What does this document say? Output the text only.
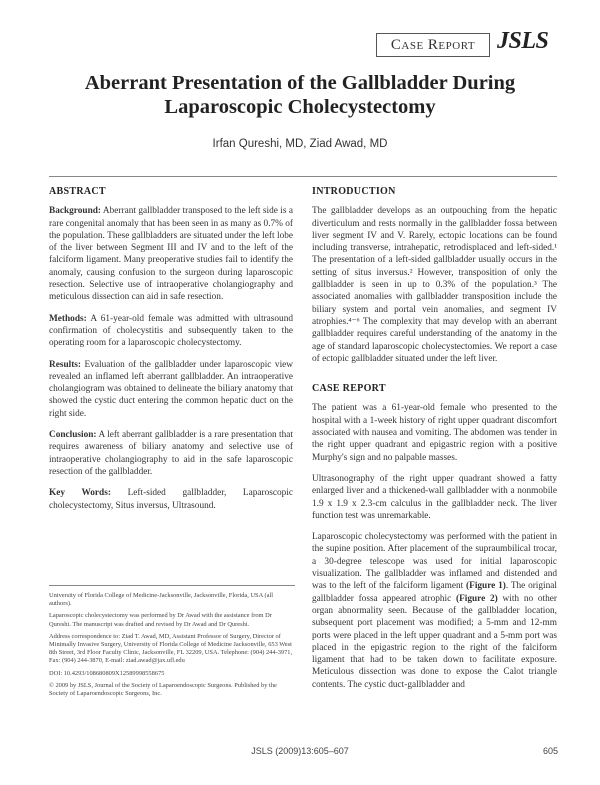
Case Report JSLS
Aberrant Presentation of the Gallbladder During Laparoscopic Cholecystectomy
Irfan Qureshi, MD, Ziad Awad, MD
ABSTRACT

Background: Aberrant gallbladder transposed to the left side is a rare congenital anomaly that has been seen in as many as 0.7% of the population. These gallbladders are situated under the left lobe of the liver between Segment III and IV and to the left of the falciform ligament. Many preoperative studies fail to identify the anomaly, causing confusion to the surgeon during laparoscopic resection. Selective use of intraoperative cholangiography and meticulous dissection can aid in safe resection.

Methods: A 61-year-old female was admitted with ultrasound confirmation of cholecystitis and subsequently taken to the operating room for a laparoscopic cholecystectomy.

Results: Evaluation of the gallbladder under laparoscopic view revealed an inflamed left aberrant gallbladder. An intraoperative cholangiogram was obtained to delineate the biliary anatomy that showed the cystic duct entering the common hepatic duct on the right side.

Conclusion: A left aberrant gallbladder is a rare presentation that requires awareness of biliary anatomy and selective use of intraoperative cholangiography to aid in the safe laparoscopic resection of the gallbladder.

Key Words: Left-sided gallbladder, Laparoscopic cholecystectomy, Situs inversus, Ultrasound.

University of Florida College of Medicine-Jacksonville, Jacksonville, Florida, USA (all authors).

Laparoscopic cholecystectomy was performed by Dr Awad with the assistance from Dr Qureshi. The manuscript was drafted and revised by Dr Awad and Dr Qureshi.

Address correspondence to: Ziad T. Awad, MD, Assistant Professor of Surgery, Director of Minimally Invasive Surgery, University of Florida College of Medicine Jacksonville, 653 West 8th Street, 3rd Floor Faculty Clinic, Jacksonville, FL 32209, USA. Telephone: (904) 244-3971, Fax: (904) 244-3870, E-mail: ziad.awad@jax.ufl.edu

DOI: 10.4293/108680809X12589998558675

© 2009 by JSLS, Journal of the Society of Laparoendoscopic Surgeons. Published by the Society of Laparoendoscopic Surgeons, Inc.

INTRODUCTION

The gallbladder develops as an outpouching from the hepatic diverticulum and rests normally in the gallbladder fossa between liver segment IV and V. Rarely, ectopic locations can be found including transverse, intrahepatic, retrodisplaced and left-sided.¹ The presentation of a left-sided gallbladder usually occurs in the setting of situs inversus.² However, transposition of only the gallbladder is seen in up to 0.3% of the population.³ The associated anomalies with gallbladder transposition include the biliary system and portal vein anomalies, and segment IV atrophies.⁴⁻⁶ The complexity that may develop with an aberrant gallbladder requires careful understanding of the anatomy in the age of standard laparoscopic cholecystectomies. We report a case of ectopic gallbladder situated under the left liver.

CASE REPORT

The patient was a 61-year-old female who presented to the hospital with a 1-week history of right upper quadrant discomfort associated with nausea and vomiting. The abdomen was tender in the right upper quadrant and epigastric region with a positive Murphy's sign and no palpable masses.

Ultrasonography of the right upper quadrant showed a fatty enlarged liver and a thickened-wall gallbladder with a nonmobile 1.9 x 1.9 x 2.3-cm calculus in the gallbladder neck. The liver function test was unremarkable.

Laparoscopic cholecystectomy was performed with the patient in the supine position. After placement of the supraumbilical trocar, a 30-degree telescope was used for initial laparoscopic visualization. The gallbladder was inflamed and distended and was to the left of the falciform ligament (Figure 1). The original gallbladder fossa appeared atrophic (Figure 2) with no other organ abnormality seen. Because of the gallbladder location, subsequent port placement was modified; a 5-mm and 12-mm ports were placed in the left upper quadrant and a 5-mm port was placed in the epigastric region to the right of the falciform ligament that had to be taken down to facilitate exposure. Meticulous dissection was done to expose the Calot triangle contents. The cystic duct-gallbladder and

JSLS (2009)13:605–607	605
